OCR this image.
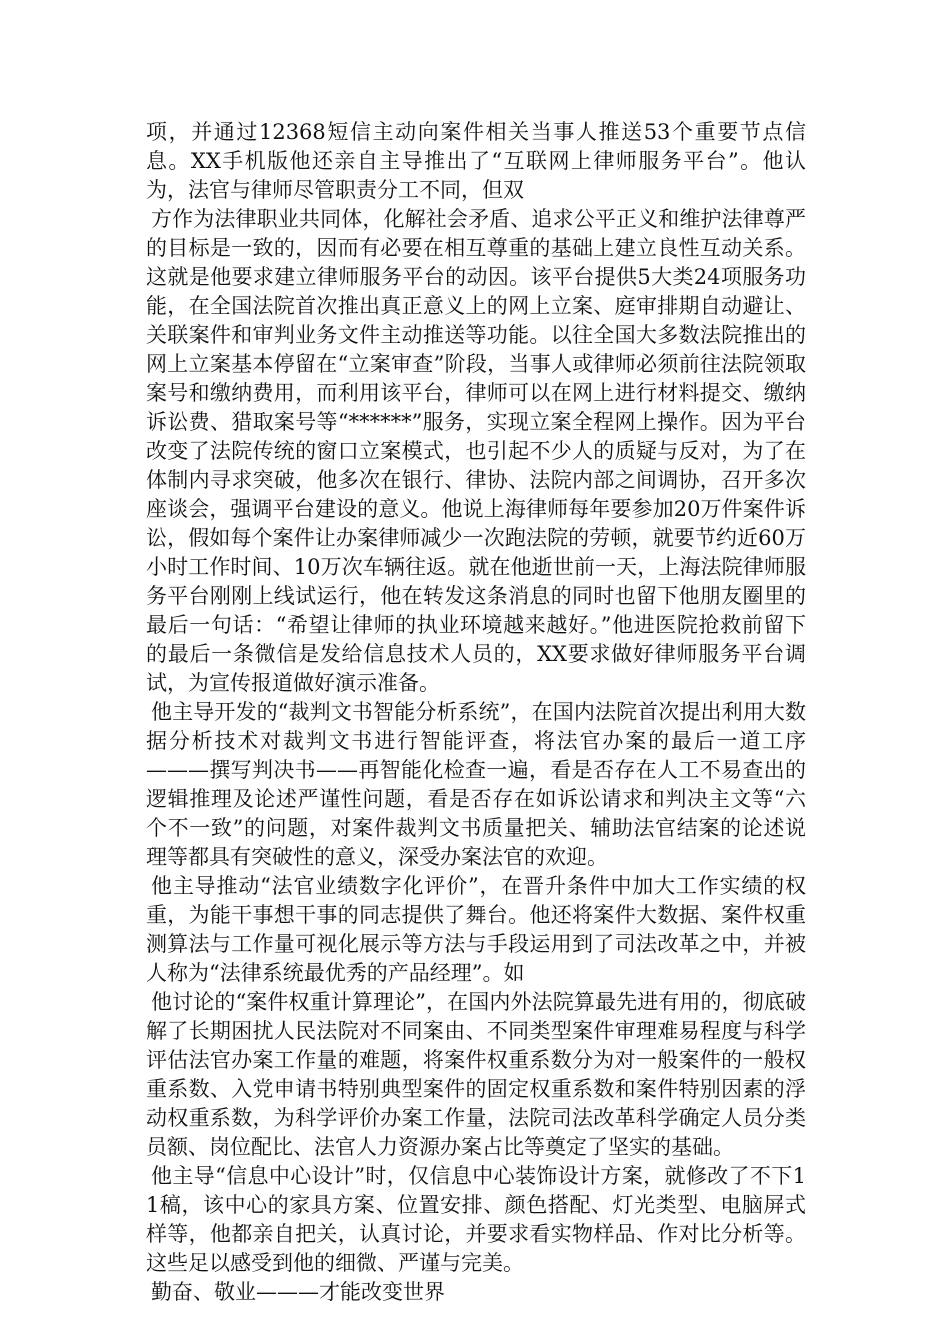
项，并通过12368短信主动向案件相关当事人推送53个重要节点信息。XX手机版他还亲自主导推出了“互联网上律师服务平台”。他认为，法官与律师尽管职责分工不同，但双

方作为法律职业共同体，化解社会矛盾、追求公平正义和维护法律尊严的目标是一致的，因而有必要在相互尊重的基础上建立良性互动关系。这就是他要求建立律师服务平台的动因。该平台提供5大类24项服务功能，在全国法院首次推出真正意义上的网上立案、庭审排期自动避让、关联案件和审判业务文件主动推送等功能。以往全国大多数法院推出的网上立案基本停留在“立案审查”阶段，当事人或律师必须前往法院领取案号和缴纳费用，而利用该平台，律师可以在网上进行材料提交、缴纳诉讼费、猎取案号等“******”服务，实现立案全程网上操作。因为平台改变了法院传统的窗口立案模式，也引起不少人的质疑与反对，为了在体制内寻求突破，他多次在银行、律协、法院内部之间调协，召开多次座谈会，强调平台建设的意义。他说上海律师每年要参加20万件案件诉讼，假如每个案件让办案律师减少一次跑法院的劳顿，就要节约近60万小时工作时间、10万次车辆往返。就在他逝世前一天，上海法院律师服务平台刚刚上线试运行，他在转发这条消息的同时也留下他朋友圈里的最后一句话：“希望让律师的执业环境越来越好。”他进医院抢救前留下的最后一条微信是发给信息技术人员的，XX要求做好律师服务平台调试，为宣传报道做好演示准备。

他主导开发的“裁判文书智能分析系统”，在国内法院首次提出利用大数据分析技术对裁判文书进行智能评查，将法官办案的最后一道工序———撰写判决书——再智能化检查一遍，看是否存在人工不易查出的逻辑推理及论述严谨性问题，看是否存在如诉讼请求和判决主文等“六个不一致”的问题，对案件裁判文书质量把关、辅助法官结案的论述说理等都具有突破性的意义，深受办案法官的欢迎。

他主导推动“法官业绩数字化评价”，在晋升条件中加大工作实绩的权重，为能干事想干事的同志提供了舞台。他还将案件大数据、案件权重测算法与工作量可视化展示等方法与手段运用到了司法改革之中，并被人称为“法律系统最优秀的产品经理”。如

他讨论的“案件权重计算理论”，在国内外法院算最先进有用的，彻底破解了长期困扰人民法院对不同案由、不同类型案件审理难易程度与科学评估法官办案工作量的难题，将案件权重系数分为对一般案件的一般权重系数、入党申请书特别典型案件的固定权重系数和案件特别因素的浮动权重系数，为科学评价办案工作量，法院司法改革科学确定人员分类员额、岗位配比、法官人力资源办案占比等奠定了坚实的基础。

他主导“信息中心设计”时，仅信息中心装饰设计方案，就修改了不下11稿，该中心的家具方案、位置安排、颜色搭配、灯光类型、电脑屏式样等，他都亲自把关，认真讨论，并要求看实物样品、作对比分析等。这些足以感受到他的细微、严谨与完美。

勤奋、敬业———才能改变世界
